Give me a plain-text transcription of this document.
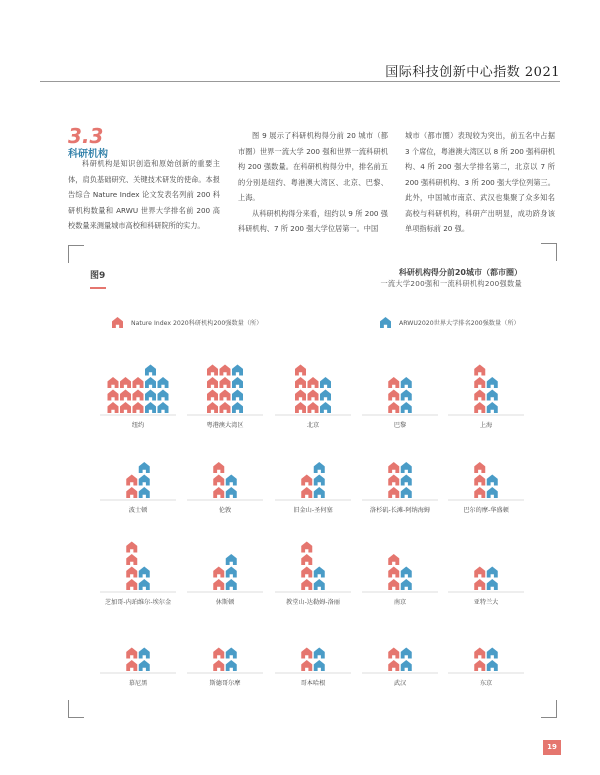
国际科技创新中心指数 2021
3.3
科研机构

科研机构是知识创造和原始创新的重要主体，肩负基础研究、关键技术研发的使命。本报告综合 Nature Index 论文发表名列前 200 科研机构数量和 ARWU 世界大学排名前 200 高校数量来测量城市高校和科研院所的实力。

图 9 展示了科研机构得分前 20 城市（都市圈）世界一流大学 200 强和世界一流科研机构 200 强数量。在科研机构得分中，排名前五的分别是纽约、粤港澳大湾区、北京、巴黎、上海。

从科研机构得分来看，纽约以 9 所 200 强科研机构、7 所 200 强大学位居第一。中国

城市（都市圈）表现较为突出，前五名中占据 3 个席位，粤港澳大湾区以 8 所 200 强科研机构、4 所 200 强大学排名第二，北京以 7 所 200 强科研机构、3 所 200 强大学位列第三。此外，中国城市南京、武汉也集聚了众多知名高校与科研机构，科研产出明显，成功跻身该单项指标前 20 强。

图9	科研机构得分前20城市（都市圈）
一流大学200强和一流科研机构200强数量
Nature Index 2020科研机构200强数量（所）	ARWU2020世界大学排名200强数量（所）
纽约	粤港澳大湾区	北京	巴黎	上海
波士顿	伦敦	旧金山-圣何塞	洛杉矶-长滩-阿纳海姆	巴尔的摩-华盛顿
芝加哥-内珀维尔-埃尔金	休斯顿	教堂山-达勒姆-洛丽	南京	亚特兰大
慕尼黑	斯德哥尔摩	哥本哈根	武汉	东京
19
